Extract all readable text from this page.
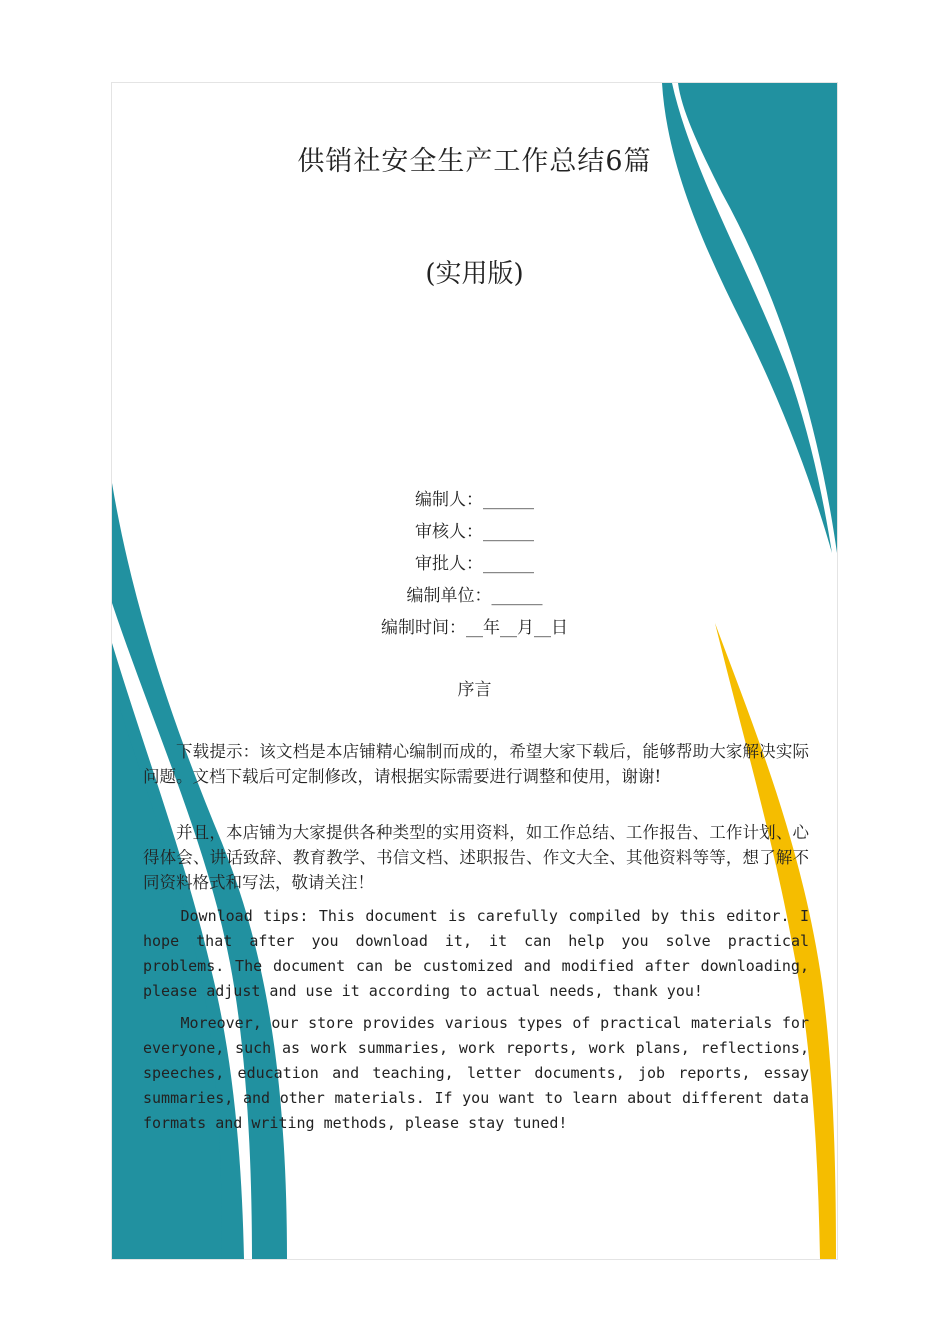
供销社安全生产工作总结6篇
(实用版)
编制人：______
审核人：______
审批人：______
编制单位：______
编制时间：__年__月__日
序言

下载提示：该文档是本店铺精心编制而成的，希望大家下载后，能够帮助大家解决实际问题。文档下载后可定制修改，请根据实际需要进行调整和使用，谢谢!

并且，本店铺为大家提供各种类型的实用资料，如工作总结、工作报告、工作计划、心得体会、讲话致辞、教育教学、书信文档、述职报告、作文大全、其他资料等等，想了解不同资料格式和写法，敬请关注！

Download tips: This document is carefully compiled by this editor. I hope that after you download it, it can help you solve practical problems. The document can be customized and modified after downloading, please adjust and use it according to actual needs, thank you!

Moreover, our store provides various types of practical materials for everyone, such as work summaries, work reports, work plans, reflections, speeches, education and teaching, letter documents, job reports, essay summaries, and other materials. If you want to learn about different data formats and writing methods, please stay tuned!
